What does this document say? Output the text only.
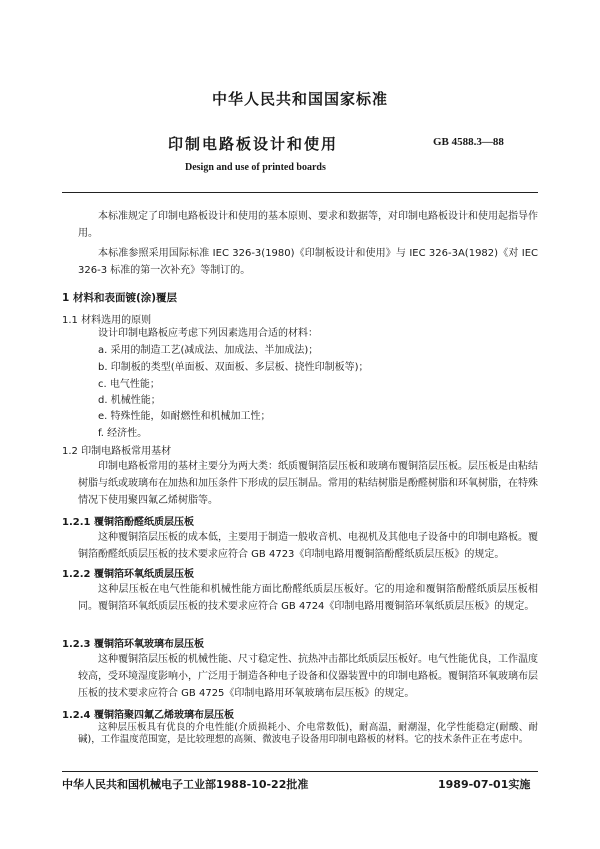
中华人民共和国国家标准
印制电路板设计和使用	GB 4588.3—88
Design and use of printed boards
本标准规定了印制电路板设计和使用的基本原则、要求和数据等，对印制电路板设计和使用起指导作用。
本标准参照采用国际标准 IEC 326-3(1980)《印制板设计和使用》与 IEC 326-3A(1982)《对 IEC 326-3 标准的第一次补充》等制订的。
1 材料和表面镀(涂)覆层
1.1 材料选用的原则
设计印制电路板应考虑下列因素选用合适的材料：
a. 采用的制造工艺(减成法、加成法、半加成法)；
b. 印制板的类型(单面板、双面板、多层板、挠性印制板等)；
c. 电气性能；
d. 机械性能；
e. 特殊性能，如耐燃性和机械加工性；
f. 经济性。
1.2 印制电路板常用基材
印制电路板常用的基材主要分为两大类：纸质覆铜箔层压板和玻璃布覆铜箔层压板。层压板是由粘结树脂与纸或玻璃布在加热和加压条件下形成的层压制品。常用的粘结树脂是酚醛树脂和环氧树脂，在特殊情况下使用聚四氟乙烯树脂等。
1.2.1 覆铜箔酚醛纸质层压板
这种覆铜箔层压板的成本低，主要用于制造一般收音机、电视机及其他电子设备中的印制电路板。覆铜箔酚醛纸质层压板的技术要求应符合 GB 4723《印制电路用覆铜箔酚醛纸质层压板》的规定。
1.2.2 覆铜箔环氧纸质层压板
这种层压板在电气性能和机械性能方面比酚醛纸质层压板好。它的用途和覆铜箔酚醛纸质层压板相同。覆铜箔环氧纸质层压板的技术要求应符合 GB 4724《印制电路用覆铜箔环氧纸质层压板》的规定。
1.2.3 覆铜箔环氧玻璃布层压板
这种覆铜箔层压板的机械性能、尺寸稳定性、抗热冲击都比纸质层压板好。电气性能优良，工作温度较高，受环境湿度影响小，广泛用于制造各种电子设备和仪器装置中的印制电路板。覆铜箔环氧玻璃布层压板的技术要求应符合 GB 4725《印制电路用环氧玻璃布层压板》的规定。
1.2.4 覆铜箔聚四氟乙烯玻璃布层压板
中华人民共和国机械电子工业部1988-10-22批准	1989-07-01实施
这种层压板具有优良的介电性能(介质损耗小、介电常数低)，耐高温，耐潮湿，化学性能稳定(耐酸、耐碱)，工作温度范围宽，是比较理想的高频、微波电子设备用印制电路板的材料。它的技术条件正在考虑中。
